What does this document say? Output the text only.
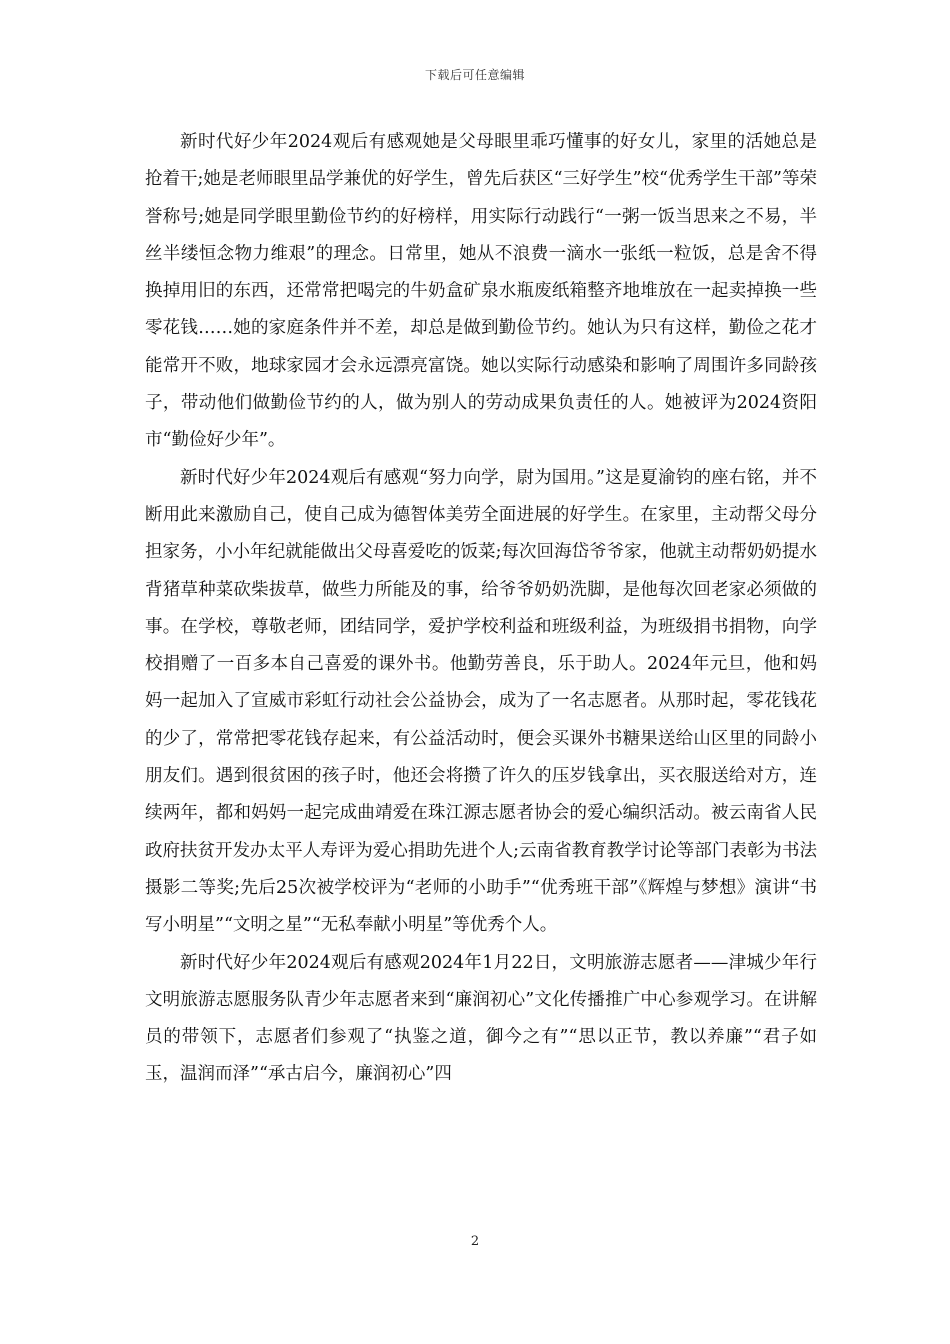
下载后可任意编辑

新时代好少年2024观后有感观她是父母眼里乖巧懂事的好女儿，家里的活她总是抢着干;她是老师眼里品学兼优的好学生，曾先后获区“三好学生”校“优秀学生干部”等荣誉称号;她是同学眼里勤俭节约的好榜样，用实际行动践行“一粥一饭当思来之不易，半丝半缕恒念物力维艰”的理念。日常里，她从不浪费一滴水一张纸一粒饭，总是舍不得换掉用旧的东西，还常常把喝完的牛奶盒矿泉水瓶废纸箱整齐地堆放在一起卖掉换一些零花钱……她的家庭条件并不差，却总是做到勤俭节约。她认为只有这样，勤俭之花才能常开不败，地球家园才会永远漂亮富饶。她以实际行动感染和影响了周围许多同龄孩子，带动他们做勤俭节约的人，做为别人的劳动成果负责任的人。她被评为2024资阳市“勤俭好少年”。

新时代好少年2024观后有感观“努力向学，尉为国用。”这是夏渝钧的座右铭，并不断用此来激励自己，使自己成为德智体美劳全面进展的好学生。在家里，主动帮父母分担家务，小小年纪就能做出父母喜爱吃的饭菜;每次回海岱爷爷家，他就主动帮奶奶提水背猪草种菜砍柴拔草，做些力所能及的事，给爷爷奶奶洗脚，是他每次回老家必须做的事。在学校，尊敬老师，团结同学，爱护学校利益和班级利益，为班级捐书捐物，向学校捐赠了一百多本自己喜爱的课外书。他勤劳善良，乐于助人。2024年元旦，他和妈妈一起加入了宣威市彩虹行动社会公益协会，成为了一名志愿者。从那时起，零花钱花的少了，常常把零花钱存起来，有公益活动时，便会买课外书糖果送给山区里的同龄小朋友们。遇到很贫困的孩子时，他还会将攒了许久的压岁钱拿出，买衣服送给对方，连续两年，都和妈妈一起完成曲靖爱在珠江源志愿者协会的爱心编织活动。被云南省人民政府扶贫开发办太平人寿评为爱心捐助先进个人;云南省教育教学讨论等部门表彰为书法摄影二等奖;先后25次被学校评为“老师的小助手”“优秀班干部”《辉煌与梦想》演讲“书写小明星”“文明之星”“无私奉献小明星”等优秀个人。

新时代好少年2024观后有感观2024年1月22日，文明旅游志愿者——津城少年行文明旅游志愿服务队青少年志愿者来到“廉润初心”文化传播推广中心参观学习。在讲解员的带领下，志愿者们参观了“执鉴之道，御今之有”“思以正节，教以养廉”“君子如玉，温润而泽”“承古启今，廉润初心”四

2
